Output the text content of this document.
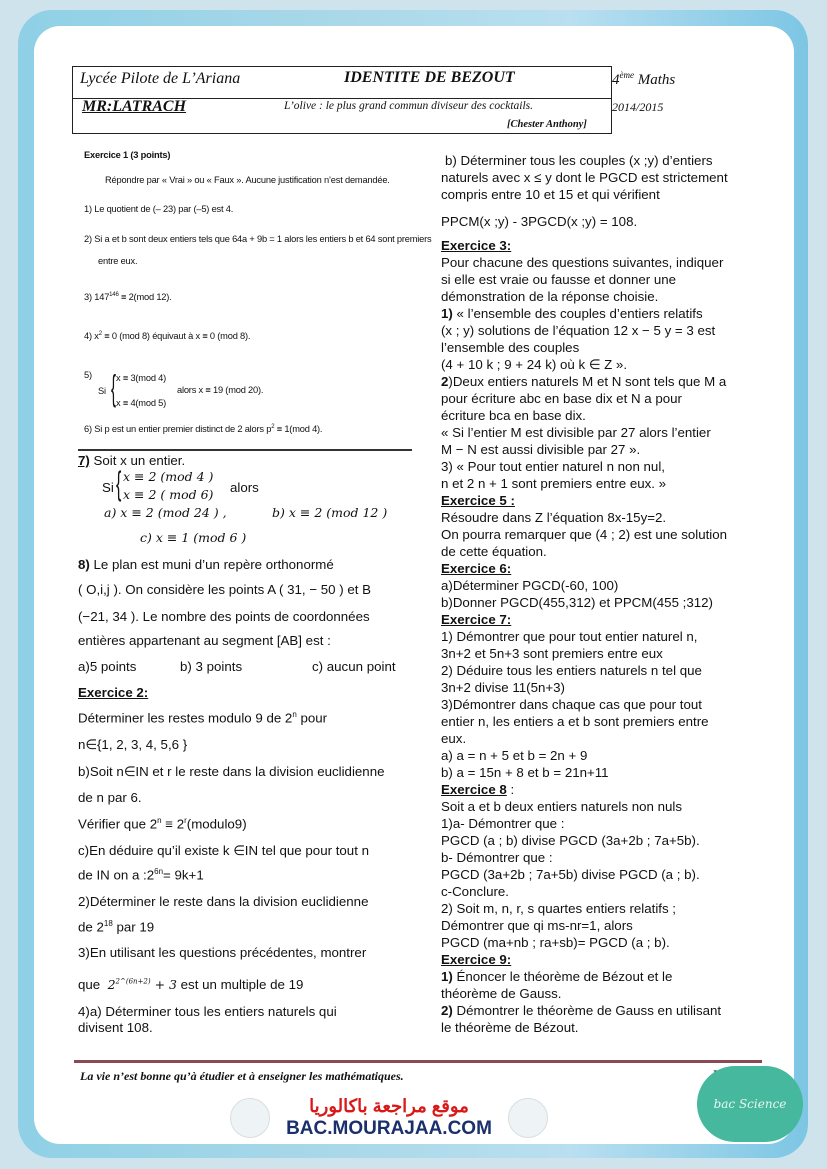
Lycée Pilote de L’Ariana	IDENTITE DE BEZOUT	4ème Maths
MR:LATRACH	L’olive : le plus grand commun diviseur des cocktails.	2014/2015
[Chester Anthony]
Exercice 1 (3 points)
Répondre par « Vrai » ou « Faux ». Aucune justification n’est demandée.
1) Le quotient de (– 23) par (–5) est 4.
2) Si a et b sont deux entiers tels que 64a + 9b = 1 alors les entiers b et 64 sont premiers
entre eux.
3) $147^{146} \equiv 2(mod$ 12).
4) $x^2 \equiv 0$ (mod 8) équivaut à x ≡ 0 (mod 8).
5)
Si { x ≡ 3(mod 4)
x ≡ 4(mod 5)
alors x ≡ 19 (mod 20).
6) Si p est un entier premier distinct de 2 alors $p^2 \equiv 1(mod$ 4).
7) Soit x un entier.
Si { x ≡ 2 (mod 4 )
x ≡ 2 ( mod 6) alors
a) x ≡ 2 (mod 24 ) ,	b) x ≡ 2 (mod 12 )
c) x ≡ 1 (mod 6 )
8) Le plan est muni d’un repère orthonormé
( O,i,j ). On considère les points A ( 31, − 50 ) et B
(−21, 34 ). Le nombre des points de coordonnées
entières appartenant au segment [AB] est :
a)5 points	b) 3 points	c) aucun point
Exercice 2:
Déterminer les restes modulo 9 de 2$^n$ pour
n∈{1, 2, 3, 4, 5,6 }
b)Soit n∈IN et r le reste dans la division euclidienne
de n par 6.
Vérifier que $2^n$ ≡ $2^r(modulo9)$
c)En déduire qu’il existe k ∈IN tel que pour tout n
de IN on a $:2^{6n}= 9k+1$
2)Déterminer le reste dans la division euclidienne
de $2^{18}$ par 19
3)En utilisant les questions précédentes, montrer
que $2^{2\^{}(6n+2)} + 3$ est un multiple de 19
4)a) Déterminer tous les entiers naturels qui
divisent 108.
b) Déterminer tous les couples (x ;y) d’entiers
naturels avec x ≤ y dont le PGCD est strictement
compris entre 10 et 15 et qui vérifient
PPCM(x ;y) - 3PGCD(x ;y) = 108.
Exercice 3:
Pour chacune des questions suivantes, indiquer
si elle est vraie ou fausse et donner une
démonstration de la réponse choisie.
1) « l’ensemble des couples d’entiers relatifs
(x ; y) solutions de l’équation 12 x − 5 y = 3 est
l’ensemble des couples
(4 + 10 k ; 9 + 24 k) où k ∈ Z ».
2)Deux entiers naturels M et N sont tels que M a
pour écriture abc en base dix et N a pour
écriture bca en base dix.
« Si l’entier M est divisible par 27 alors l’entier
M − N est aussi divisible par 27 ».
3) « Pour tout entier naturel n non nul,
n et 2 n + 1 sont premiers entre eux. »
Exercice 5 :
Résoudre dans Z l’équation 8x-15y=2.
On pourra remarquer que (4 ; 2) est une solution
de cette équation.
Exercice 6:
a)Déterminer PGCD(-60, 100)
b)Donner PGCD(455,312) et PPCM(455 ;312)
Exercice 7:
1) Démontrer que pour tout entier naturel n,
3n+2 et 5n+3 sont premiers entre eux
2) Déduire tous les entiers naturels n tel que
3n+2 divise 11(5n+3)
3)Démontrer dans chaque cas que pour tout
entier n, les entiers a et b sont premiers entre
eux.
a) a = n + 5 et b = 2n + 9
b) a = 15n + 8 et b = 21n+11
Exercice 8 :
Soit a et b deux entiers naturels non nuls
1)a- Démontrer que :
PGCD (a ; b) divise PGCD (3a+2b ; 7a+5b).
b- Démontrer que :
PGCD (3a+2b ; 7a+5b) divise PGCD (a ; b).
c-Conclure.
2) Soit m, n, r, s quartes entiers relatifs ;
Démontrer que qi ms-nr=1, alors
PGCD (ma+nb ; ra+sb)= PGCD (a ; b).
Exercice 9:
1) Énoncer le théorème de Bézout et le
théorème de Gauss.
2) Démontrer le théorème de Gauss en utilisant
le théorème de Bézout.
La vie n’est bonne qu’à étudier et à enseigner les mathématiques.
موقع مراجعة باكالوريا
BAC.MOURAJAA.COM
bac Science
